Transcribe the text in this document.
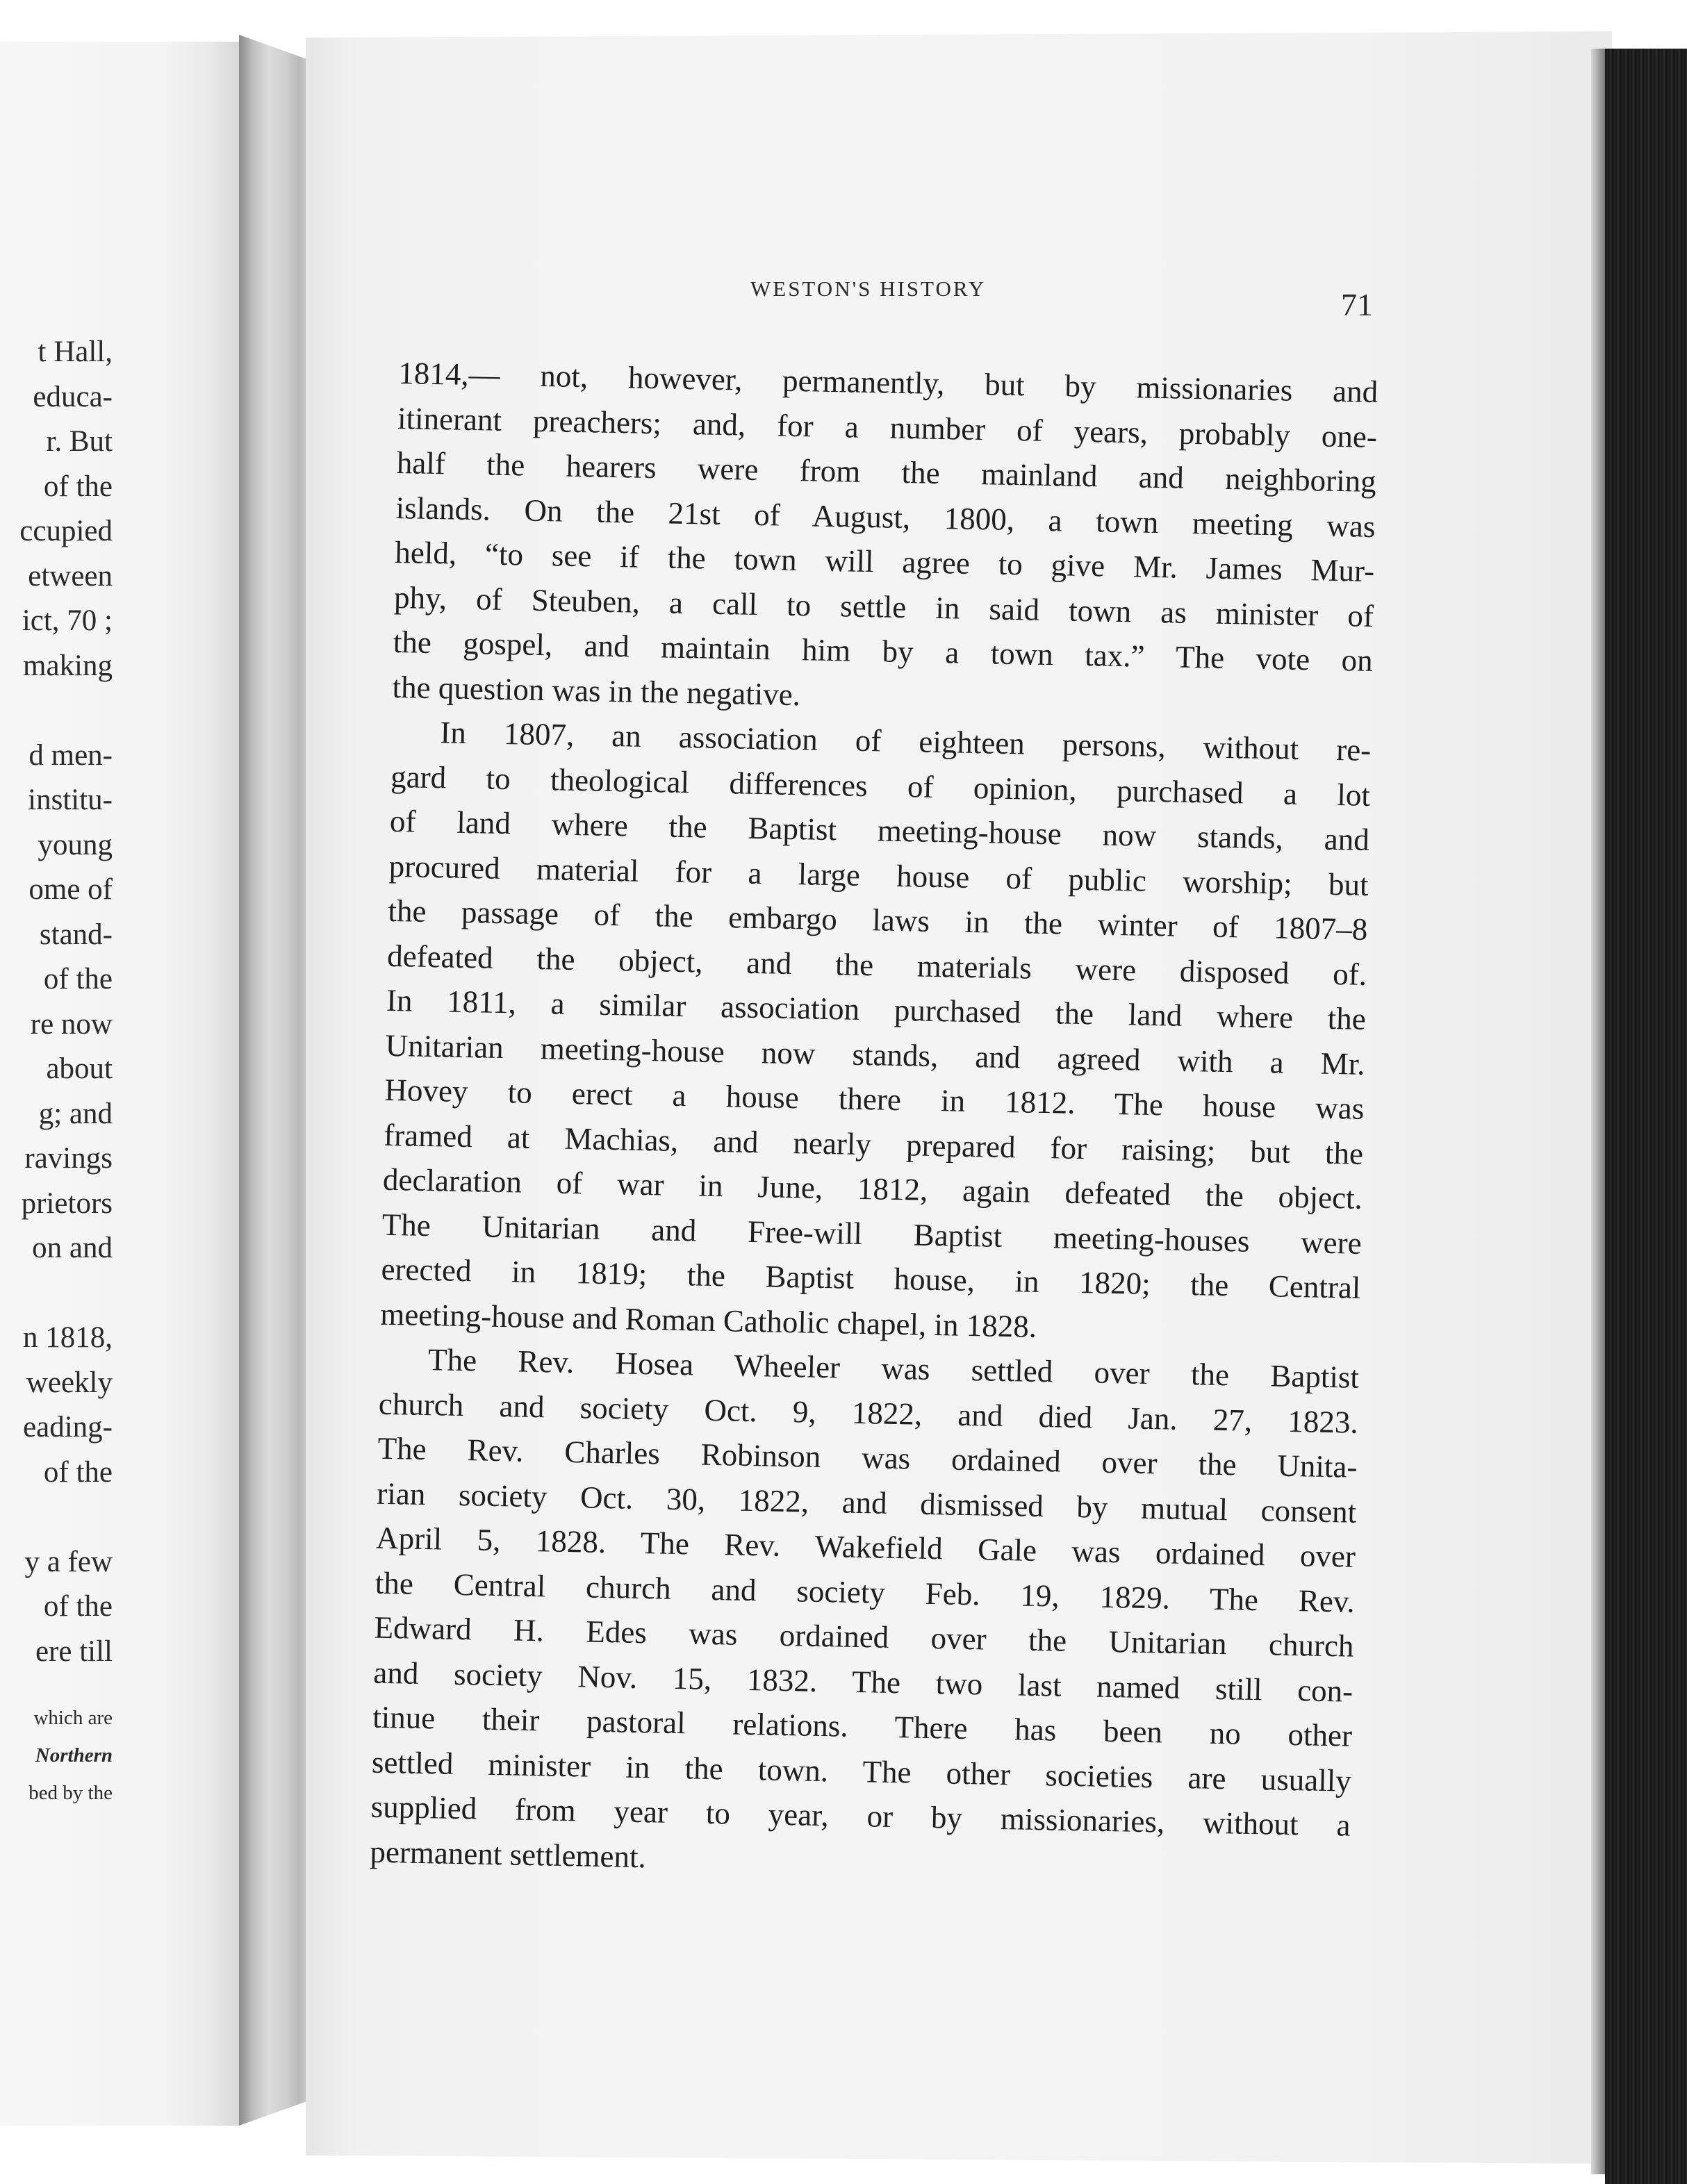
t Hall,
educa-
r. But
of the
ccupied
etween
ict, 70 ;
making
d men-
institu-
young
ome of
stand-
of the
re now
about
g; and
ravings
prietors
on and
n 1818,
weekly
eading-
of the
y a few
of the
ere till
which are
Northern
bed by the
WESTON'S HISTORY	71
1814,— not, however, permanently, but by missionaries and
itinerant preachers; and, for a number of years, probably one-
half the hearers were from the mainland and neighboring
islands. On the 21st of August, 1800, a town meeting was
held, “to see if the town will agree to give Mr. James Mur-
phy, of Steuben, a call to settle in said town as minister of
the gospel, and maintain him by a town tax.” The vote on
the question was in the negative.
In 1807, an association of eighteen persons, without re-
gard to theological differences of opinion, purchased a lot
of land where the Baptist meeting-house now stands, and
procured material for a large house of public worship; but
the passage of the embargo laws in the winter of 1807–8
defeated the object, and the materials were disposed of.
In 1811, a similar association purchased the land where the
Unitarian meeting-house now stands, and agreed with a Mr.
Hovey to erect a house there in 1812. The house was
framed at Machias, and nearly prepared for raising; but the
declaration of war in June, 1812, again defeated the object.
The Unitarian and Free-will Baptist meeting-houses were
erected in 1819; the Baptist house, in 1820; the Central
meeting-house and Roman Catholic chapel, in 1828.
The Rev. Hosea Wheeler was settled over the Baptist
church and society Oct. 9, 1822, and died Jan. 27, 1823.
The Rev. Charles Robinson was ordained over the Unita-
rian society Oct. 30, 1822, and dismissed by mutual consent
April 5, 1828. The Rev. Wakefield Gale was ordained over
the Central church and society Feb. 19, 1829. The Rev.
Edward H. Edes was ordained over the Unitarian church
and society Nov. 15, 1832. The two last named still con-
tinue their pastoral relations. There has been no other
settled minister in the town. The other societies are usually
supplied from year to year, or by missionaries, without a
permanent settlement.
